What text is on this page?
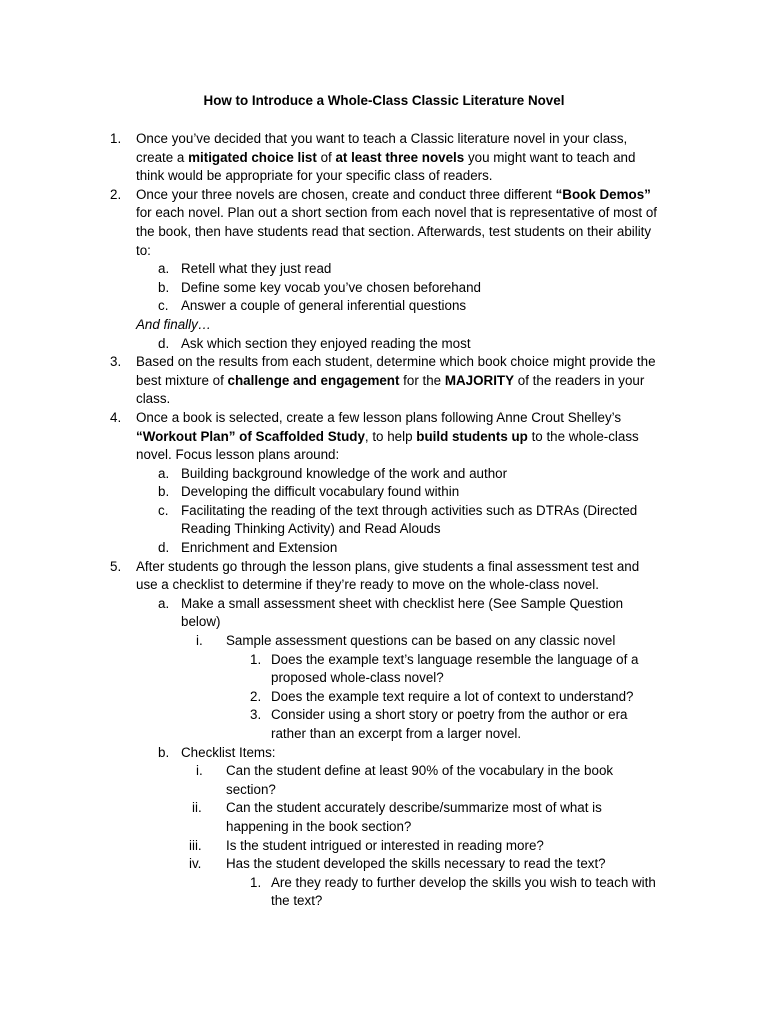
How to Introduce a Whole-Class Classic Literature Novel
1. Once you’ve decided that you want to teach a Classic literature novel in your class,
create a mitigated choice list of at least three novels you might want to teach and
think would be appropriate for your specific class of readers.
2. Once your three novels are chosen, create and conduct three different “Book Demos”
for each novel. Plan out a short section from each novel that is representative of most of
the book, then have students read that section. Afterwards, test students on their ability
to:
a. Retell what they just read
b. Define some key vocab you’ve chosen beforehand
c. Answer a couple of general inferential questions
And finally…
d. Ask which section they enjoyed reading the most
3. Based on the results from each student, determine which book choice might provide the
best mixture of challenge and engagement for the MAJORITY of the readers in your
class.
4. Once a book is selected, create a few lesson plans following Anne Crout Shelley’s
“Workout Plan” of Scaffolded Study, to help build students up to the whole-class
novel. Focus lesson plans around:
a. Building background knowledge of the work and author
b. Developing the difficult vocabulary found within
c. Facilitating the reading of the text through activities such as DTRAs (Directed
Reading Thinking Activity) and Read Alouds
d. Enrichment and Extension
5. After students go through the lesson plans, give students a final assessment test and
use a checklist to determine if they’re ready to move on the whole-class novel.
a. Make a small assessment sheet with checklist here (See Sample Question
below)
i. Sample assessment questions can be based on any classic novel
1. Does the example text’s language resemble the language of a
proposed whole-class novel?
2. Does the example text require a lot of context to understand?
3. Consider using a short story or poetry from the author or era
rather than an excerpt from a larger novel.
b. Checklist Items:
i. Can the student define at least 90% of the vocabulary in the book
section?
ii. Can the student accurately describe/summarize most of what is
happening in the book section?
iii. Is the student intrigued or interested in reading more?
iv. Has the student developed the skills necessary to read the text?
1. Are they ready to further develop the skills you wish to teach with
the text?
